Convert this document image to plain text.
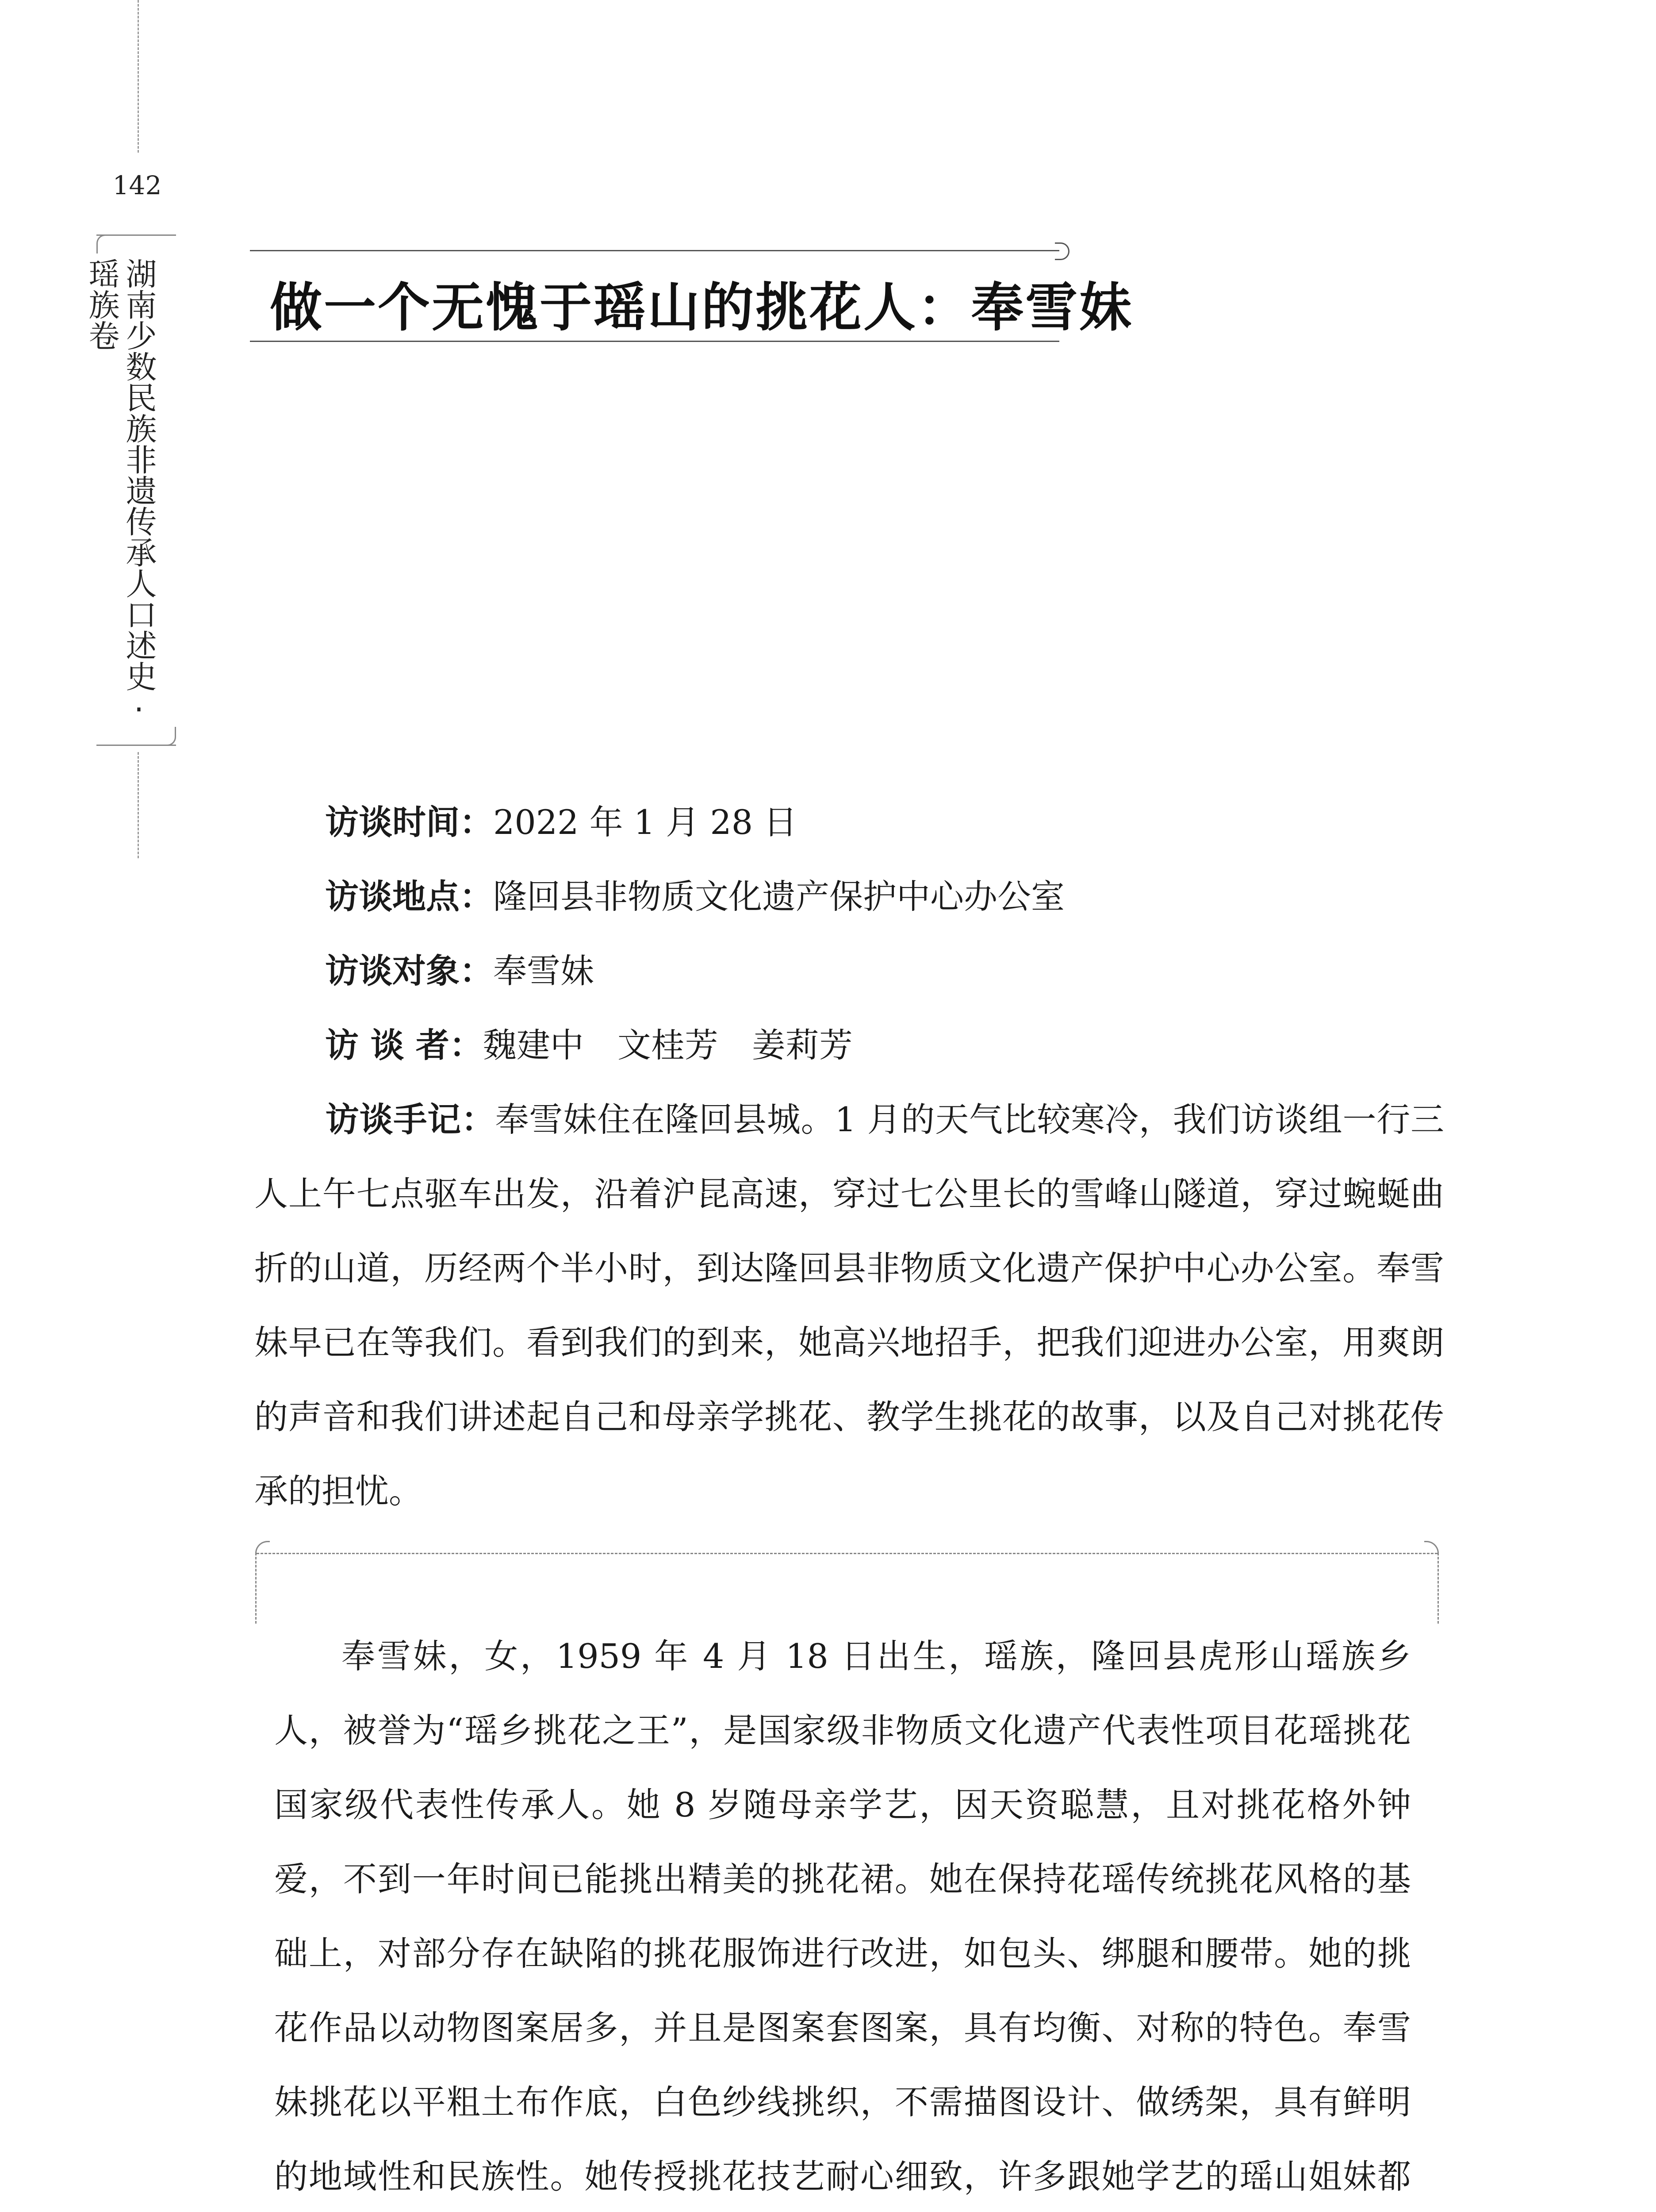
142
湖南少数民族非遗传承人口述史·瑶族卷	做一个无愧于瑶山的挑花人：奉雪妹

访谈时间：2022 年 1 月 28 日

访谈地点：隆回县非物质文化遗产保护中心办公室

访谈对象：奉雪妹

访 谈 者：魏建中　文桂芳　姜莉芳

访谈手记：奉雪妹住在隆回县城。1 月的天气比较寒冷，我们访谈组一行三人上午七点驱车出发，沿着沪昆高速，穿过七公里长的雪峰山隧道，穿过蜿蜒曲折的山道，历经两个半小时，到达隆回县非物质文化遗产保护中心办公室。奉雪妹早已在等我们。看到我们的到来，她高兴地招手，把我们迎进办公室，用爽朗的声音和我们讲述起自己和母亲学挑花、教学生挑花的故事，以及自己对挑花传承的担忧。

奉雪妹，女，1959 年 4 月 18 日出生，瑶族，隆回县虎形山瑶族乡人，被誉为“瑶乡挑花之王”，是国家级非物质文化遗产代表性项目花瑶挑花国家级代表性传承人。她 8 岁随母亲学艺，因天资聪慧，且对挑花格外钟爱，不到一年时间已能挑出精美的挑花裙。她在保持花瑶传统挑花风格的基础上，对部分存在缺陷的挑花服饰进行改进，如包头、绑腿和腰带。她的挑花作品以动物图案居多，并且是图案套图案，具有均衡、对称的特色。奉雪妹挑花以平粗土布作底，白色纱线挑织，不需描图设计、做绣架，具有鲜明的地域性和民族性。她传授挑花技艺耐心细致，许多跟她学艺的瑶山姐妹都
